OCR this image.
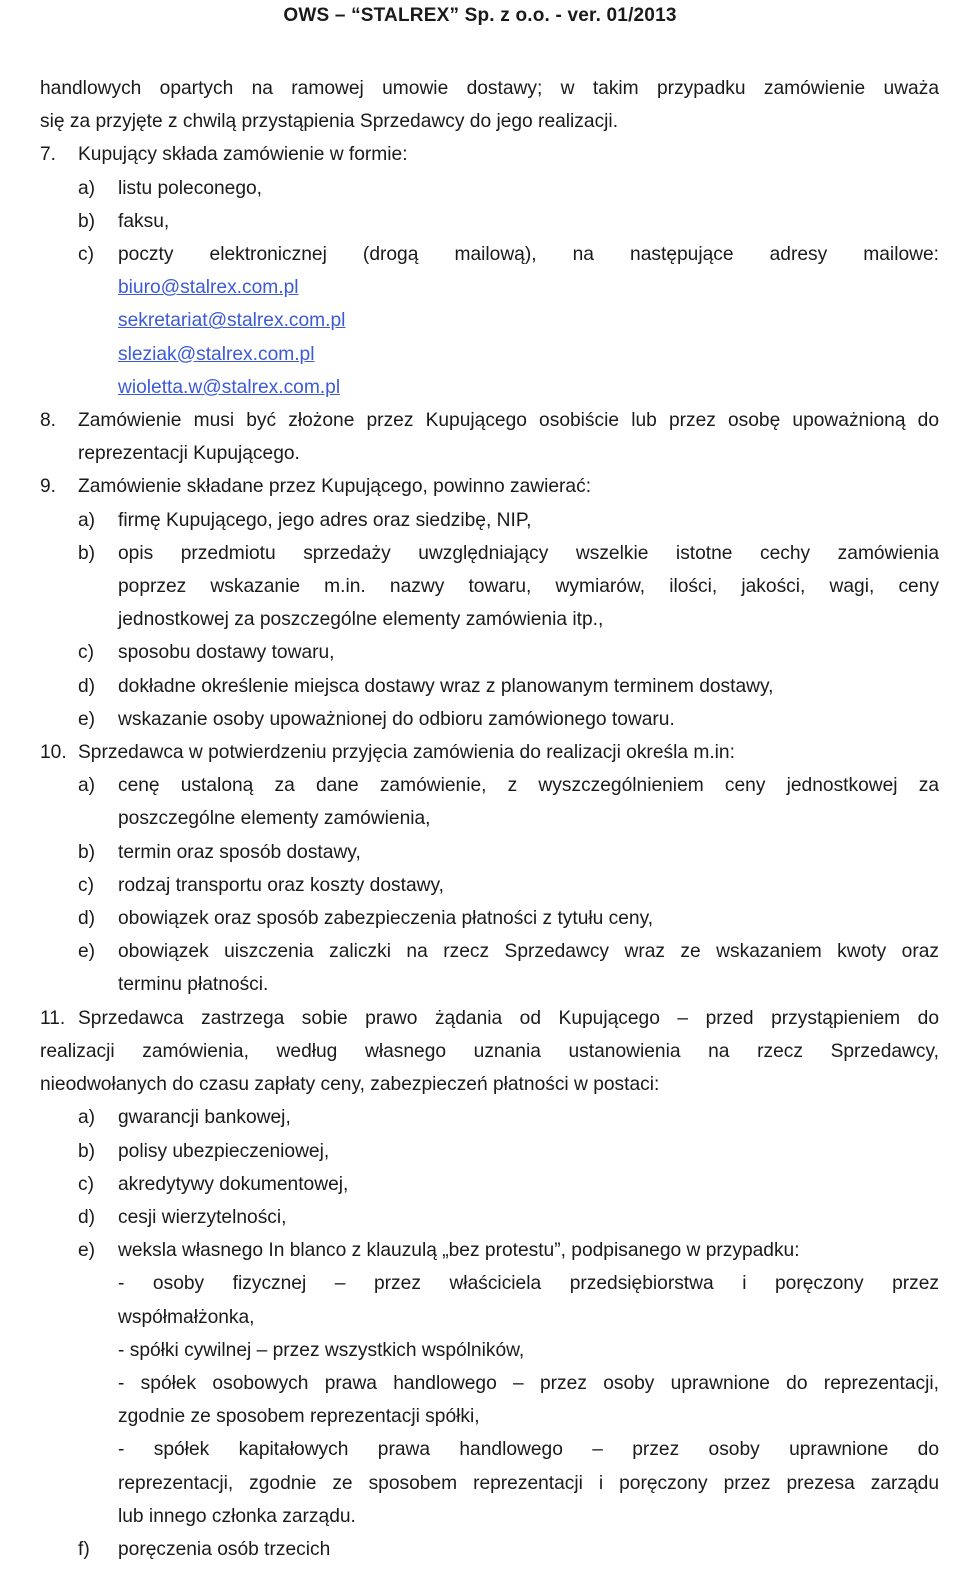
OWS – “STALREX” Sp. z o.o. - ver. 01/2013
handlowych opartych na ramowej umowie dostawy; w takim przypadku zamówienie uważa
się za przyjęte z chwilą przystąpienia Sprzedawcy do jego realizacji.
7.	Kupujący składa zamówienie w formie:
a)	listu poleconego,
b)	faksu,
c)	poczty elektronicznej (drogą mailową), na następujące adresy mailowe:
biuro@stalrex.com.pl
sekretariat@stalrex.com.pl
sleziak@stalrex.com.pl
wioletta.w@stalrex.com.pl
8.	Zamówienie musi być złożone przez Kupującego osobiście lub przez osobę upoważnioną do
reprezentacji Kupującego.
9.	Zamówienie składane przez Kupującego, powinno zawierać:
a)	firmę Kupującego, jego adres oraz siedzibę, NIP,
b)	opis przedmiotu sprzedaży uwzględniający wszelkie istotne cechy zamówienia
poprzez wskazanie m.in. nazwy towaru, wymiarów, ilości, jakości, wagi, ceny
jednostkowej za poszczególne elementy zamówienia itp.,
c)	sposobu dostawy towaru,
d)	dokładne określenie miejsca dostawy wraz z planowanym terminem dostawy,
e)	wskazanie osoby upoważnionej do odbioru zamówionego towaru.
10. Sprzedawca w potwierdzeniu przyjęcia zamówienia do realizacji określa m.in:
a)	cenę ustaloną za dane zamówienie, z wyszczególnieniem ceny jednostkowej za
poszczególne elementy zamówienia,
b)	termin oraz sposób dostawy,
c)	rodzaj transportu oraz koszty dostawy,
d)	obowiązek oraz sposób zabezpieczenia płatności z tytułu ceny,
e)	obowiązek uiszczenia zaliczki na rzecz Sprzedawcy wraz ze wskazaniem kwoty oraz
terminu płatności.
11. Sprzedawca zastrzega sobie prawo żądania od Kupującego – przed przystąpieniem do
realizacji zamówienia, według własnego uznania ustanowienia na rzecz Sprzedawcy,
nieodwołanych do czasu zapłaty ceny, zabezpieczeń płatności w postaci:
a)	gwarancji bankowej,
b)	polisy ubezpieczeniowej,
c)	akredytywy dokumentowej,
d)	cesji wierzytelności,
e)	weksla własnego In blanco z klauzulą „bez protestu”, podpisanego w przypadku:
- osoby fizycznej – przez właściciela przedsiębiorstwa i poręczony przez
współmałżonka,
- spółki cywilnej – przez wszystkich wspólników,
- spółek osobowych prawa handlowego – przez osoby uprawnione do reprezentacji,
zgodnie ze sposobem reprezentacji spółki,
- spółek kapitałowych prawa handlowego – przez osoby uprawnione do
reprezentacji, zgodnie ze sposobem reprezentacji i poręczony przez prezesa zarządu
lub innego członka zarządu.
f)	poręczenia osób trzecich
